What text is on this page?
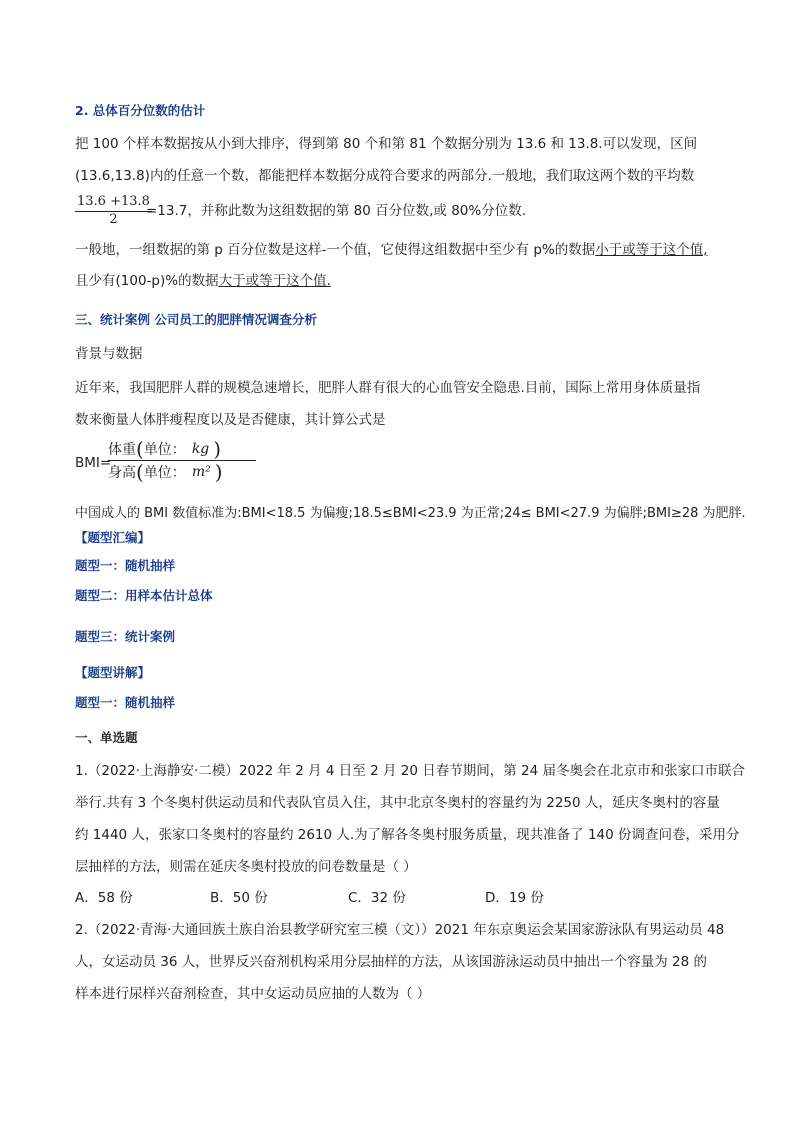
2. 总体百分位数的估计
把 100 个样本数据按从小到大排序，得到第 80 个和第 81 个数据分别为 13.6 和 13.8.可以发现，区间
(13.6,13.8)内的任意一个数，都能把样本数据分成符合要求的两部分.一般地，我们取这两个数的平均数
13.6 +13.8
2
=13.7，并称此数为这组数据的第 80 百分位数,或 80%分位数.
一般地，一组数据的第 p 百分位数是这样-一个值，它使得这组数据中至少有 p%的数据小于或等于这个值,
且少有(100-p)%的数据大于或等于这个值.
三、统计案例 公司员工的肥胖情况调查分析
背景与数据
近年来，我国肥胖人群的规模急速增长，肥胖人群有很大的心血管安全隐患.目前，国际上常用身体质量指
数来衡量人体胖瘦程度以及是否健康，其计算公式是
BMI=
体重 ( 单位： kg )
身高 ( 单位： m² )
中国成人的 BMI 数值标准为:BMI<18.5 为偏瘦;18.5≤BMI<23.9 为正常;24≤ BMI<27.9 为偏胖;BMI≥28 为肥胖.
【题型汇编】
题型一：随机抽样
题型二：用样本估计总体
题型三：统计案例
【题型讲解】
题型一：随机抽样
一、单选题
1.（2022·上海静安·二模）2022 年 2 月 4 日至 2 月 20 日春节期间，第 24 届冬奥会在北京市和张家口市联合
举行.共有 3 个冬奥村供运动员和代表队官员入住，其中北京冬奥村的容量约为 2250 人，延庆冬奥村的容量
约 1440 人，张家口冬奥村的容量约 2610 人.为了解各冬奥村服务质量，现共准备了 140 份调查问卷，采用分
层抽样的方法，则需在延庆冬奥村投放的问卷数量是（ ）
A．58 份	B．50 份	C．32 份	D．19 份
2.（2022·青海·大通回族土族自治县教学研究室三模（文））2021 年东京奥运会某国家游泳队有男运动员 48
人，女运动员 36 人，世界反兴奋剂机构采用分层抽样的方法，从该国游泳运动员中抽出一个容量为 28 的
样本进行尿样兴奋剂检查，其中女运动员应抽的人数为（ ）
